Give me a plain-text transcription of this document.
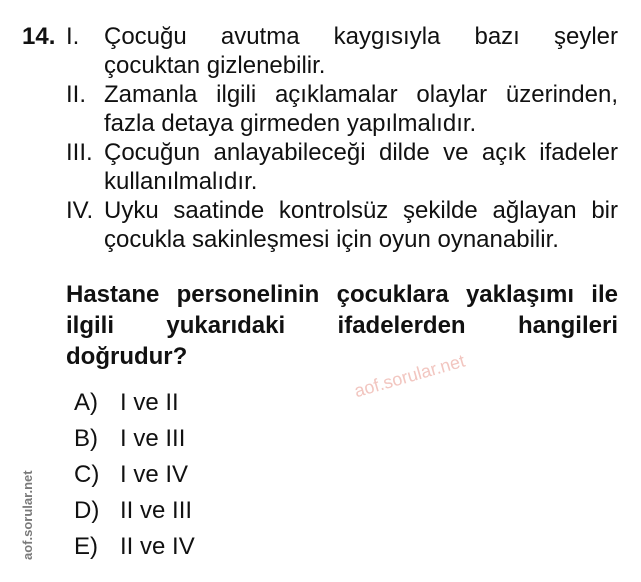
14. I. Çocuğu avutma kaygısıyla bazı şeyler
çocuktan gizlenebilir.
II. Zamanla ilgili açıklamalar olaylar üzerinden,
fazla detaya girmeden yapılmalıdır.
III. Çocuğun anlayabileceği dilde ve açık ifadeler
kullanılmalıdır.
IV. Uyku saatinde kontrolsüz şekilde ağlayan bir
çocukla sakinleşmesi için oyun oynanabilir.
Hastane personelinin çocuklara yaklaşımı ile
ilgili yukarıdaki ifadelerden hangileri
doğrudur?	aof.sorular.net
A) I ve II
B) I ve III
C) I ve IV
D) II ve III
E) II ve IV
aof.sorular.net
